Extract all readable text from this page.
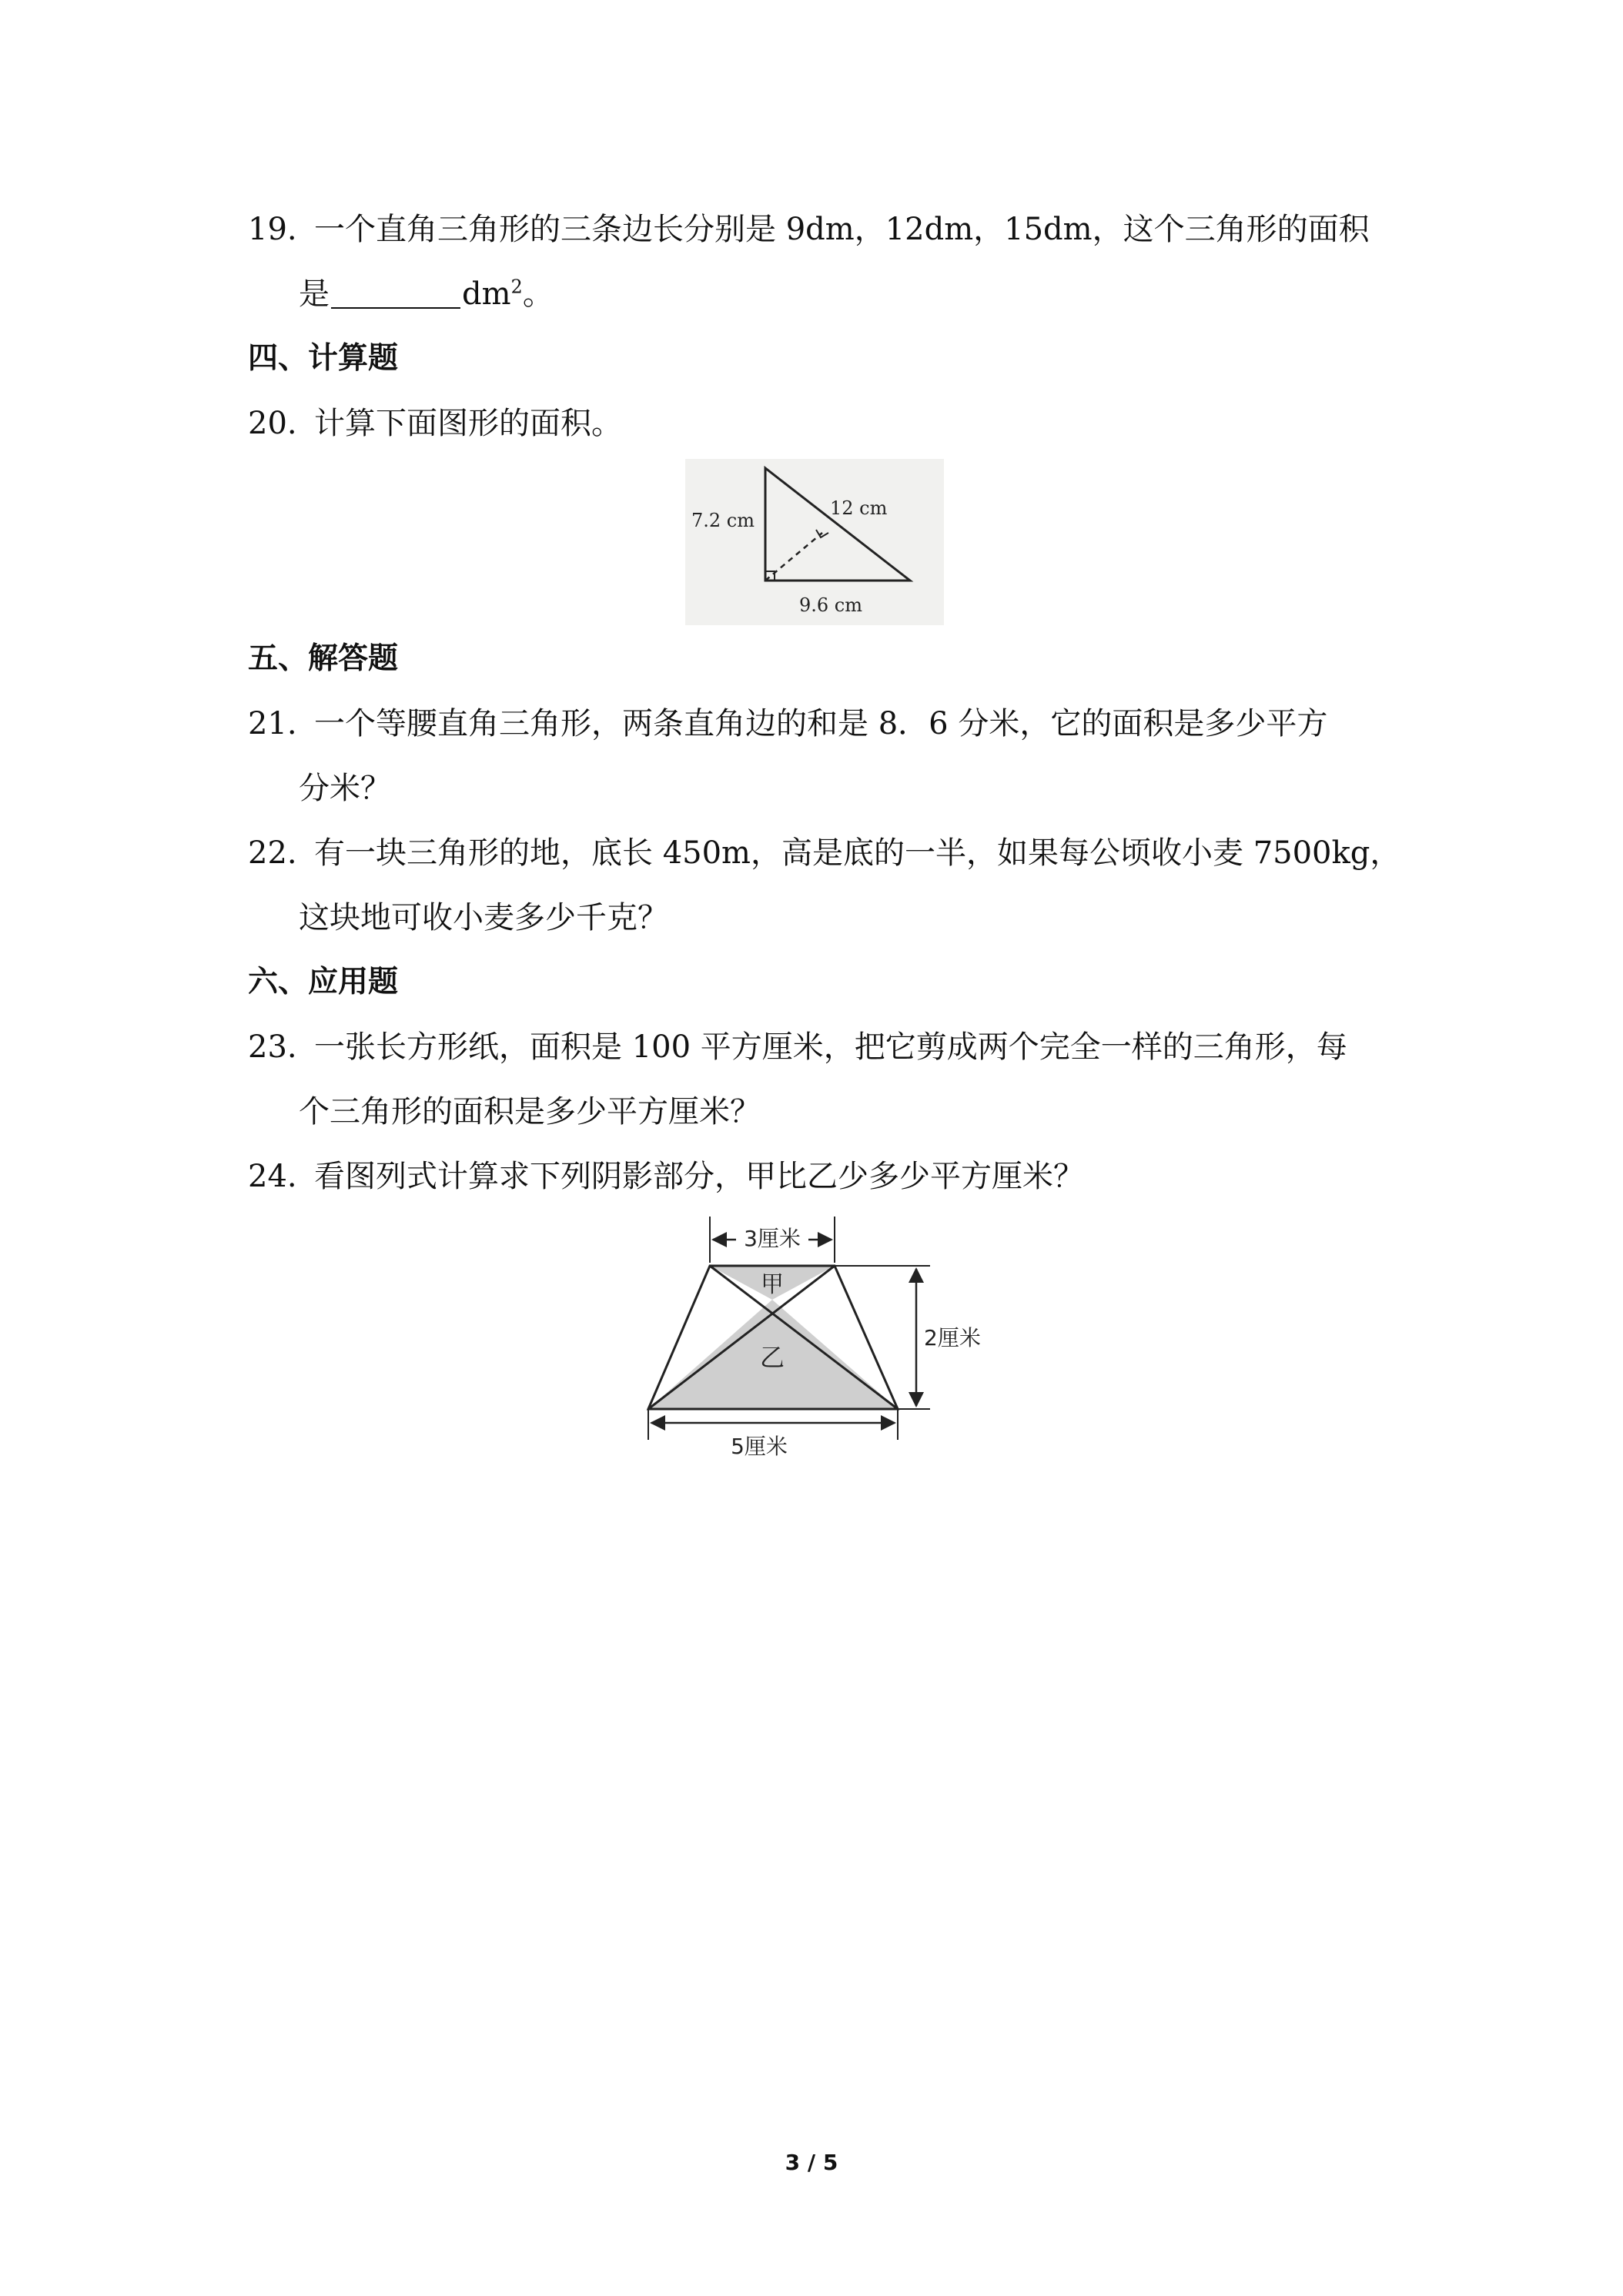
19. 一个直角三角形的三条边长分别是 9dm，12dm，15dm，这个三角形的面积
是	$dm^2$。
四、计算题
20. 计算下面图形的面积。
7.2 cm
12 cm
9.6 cm
五、解答题
21. 一个等腰直角三角形，两条直角边的和是 8．6 分米，它的面积是多少平方
分米？
22. 有一块三角形的地，底长 450m，高是底的一半，如果每公顷收小麦 7500kg，
这块地可收小麦多少千克？
六、应用题
23. 一张长方形纸，面积是 100 平方厘米，把它剪成两个完全一样的三角形，每
个三角形的面积是多少平方厘米？
24. 看图列式计算求下列阴影部分，甲比乙少多少平方厘米？
3厘米
2厘米
5厘米
甲
乙
3 / 5
